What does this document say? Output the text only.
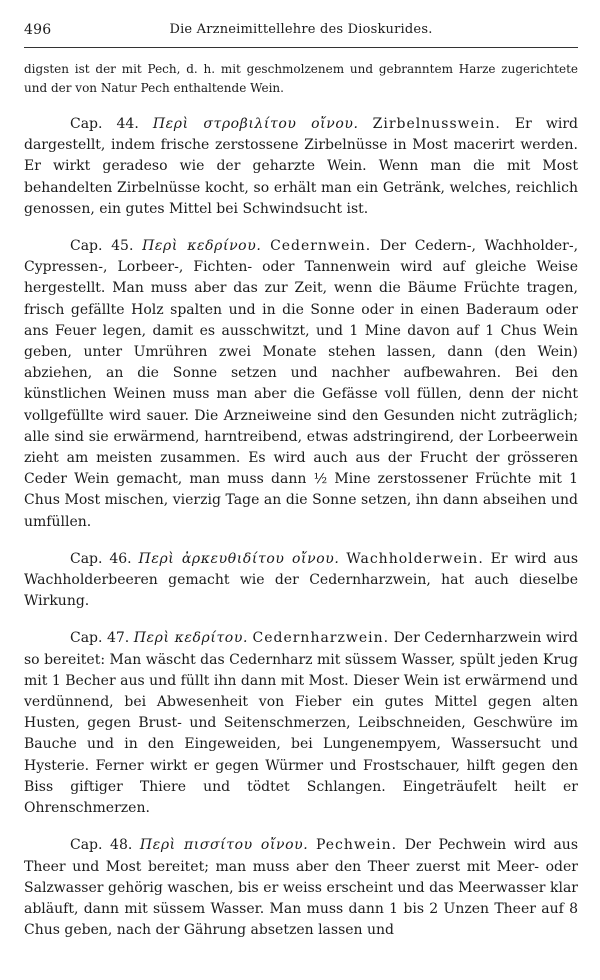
496	Die Arzneimittellehre des Dioskurides.

digsten ist der mit Pech, d. h. mit geschmolzenem und gebranntem Harze zugerichtete und der von Natur Pech enthaltende Wein.

Cap. 44. Περὶ στροβιλίτου οἴνου. Zirbelnusswein. Er wird dargestellt, indem frische zerstossene Zirbelnüsse in Most macerirt werden. Er wirkt geradeso wie der geharzte Wein. Wenn man die mit Most behandelten Zirbelnüsse kocht, so erhält man ein Getränk, welches, reichlich genossen, ein gutes Mittel bei Schwindsucht ist.

Cap. 45. Περὶ κεδρίνου. Cedernwein. Der Cedern-, Wachholder-, Cypressen-, Lorbeer-, Fichten- oder Tannenwein wird auf gleiche Weise hergestellt. Man muss aber das zur Zeit, wenn die Bäume Früchte tragen, frisch gefällte Holz spalten und in die Sonne oder in einen Baderaum oder ans Feuer legen, damit es ausschwitzt, und 1 Mine davon auf 1 Chus Wein geben, unter Umrühren zwei Monate stehen lassen, dann (den Wein) abziehen, an die Sonne setzen und nachher aufbewahren. Bei den künstlichen Weinen muss man aber die Gefässe voll füllen, denn der nicht vollgefüllte wird sauer. Die Arzneiweine sind den Gesunden nicht zuträglich; alle sind sie erwärmend, harntreibend, etwas adstringirend, der Lorbeerwein zieht am meisten zusammen. Es wird auch aus der Frucht der grösseren Ceder Wein gemacht, man muss dann ½ Mine zerstossener Früchte mit 1 Chus Most mischen, vierzig Tage an die Sonne setzen, ihn dann abseihen und umfüllen.

Cap. 46. Περὶ ἀρκευθιδίτου οἴνου. Wachholderwein. Er wird aus Wachholderbeeren gemacht wie der Cedernharzwein, hat auch dieselbe Wirkung.

Cap. 47. Περὶ κεδρίτου. Cedernharzwein. Der Cedernharzwein wird so bereitet: Man wäscht das Cedernharz mit süssem Wasser, spült jeden Krug mit 1 Becher aus und füllt ihn dann mit Most. Dieser Wein ist erwärmend und verdünnend, bei Abwesenheit von Fieber ein gutes Mittel gegen alten Husten, gegen Brust- und Seitenschmerzen, Leibschneiden, Geschwüre im Bauche und in den Eingeweiden, bei Lungenempyem, Wassersucht und Hysterie. Ferner wirkt er gegen Würmer und Frostschauer, hilft gegen den Biss giftiger Thiere und tödtet Schlangen. Eingeträufelt heilt er Ohrenschmerzen.

Cap. 48. Περὶ πισσίτου οἴνου. Pechwein. Der Pechwein wird aus Theer und Most bereitet; man muss aber den Theer zuerst mit Meer- oder Salzwasser gehörig waschen, bis er weiss erscheint und das Meerwasser klar abläuft, dann mit süssem Wasser. Man muss dann 1 bis 2 Unzen Theer auf 8 Chus geben, nach der Gährung absetzen lassen und
